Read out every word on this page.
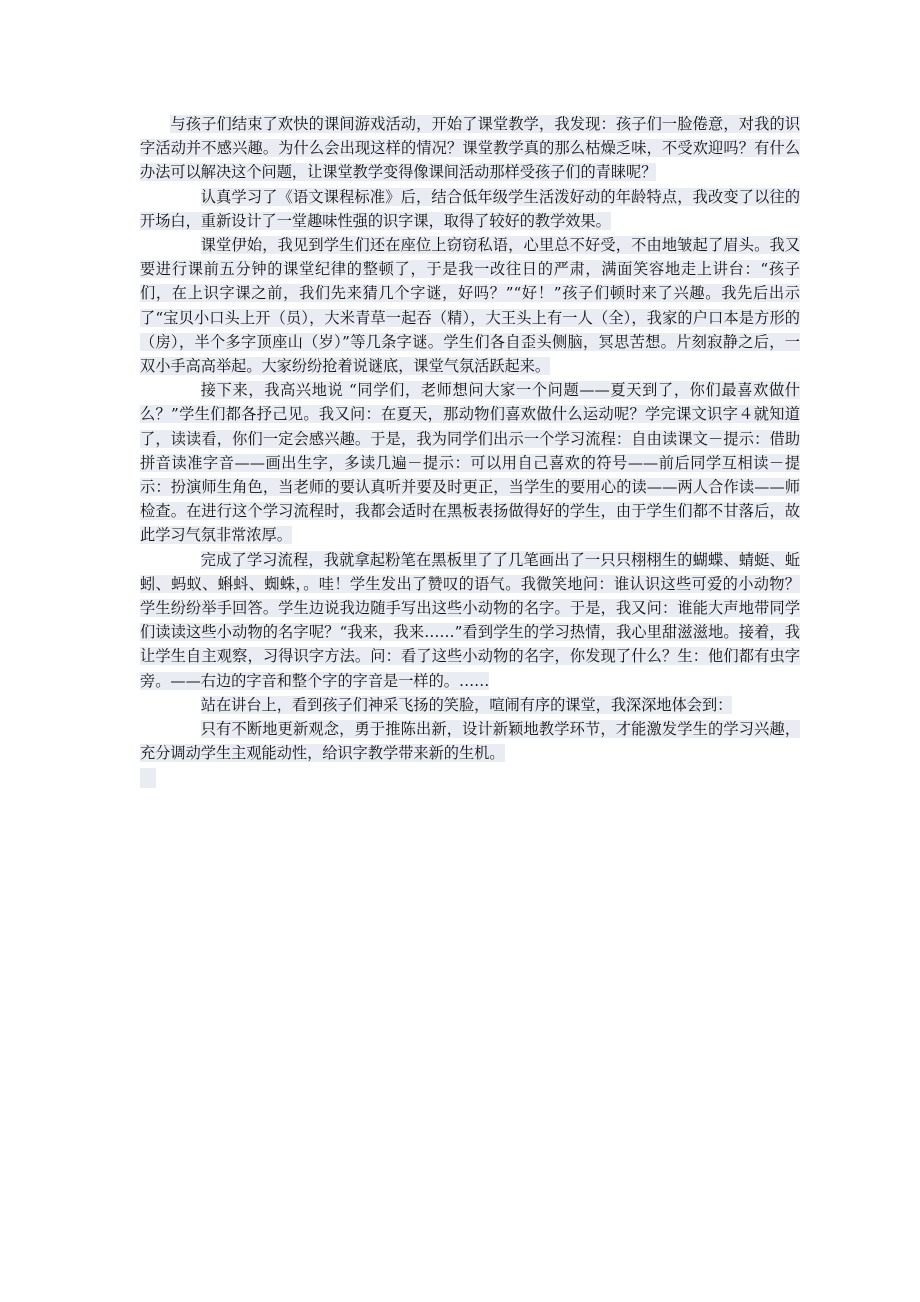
与孩子们结束了欢快的课间游戏活动，开始了课堂教学，我发现：孩子们一脸倦意，对我的识字活动并不感兴趣。为什么会出现这样的情况？课堂教学真的那么枯燥乏味，不受欢迎吗？有什么办法可以解决这个问题，让课堂教学变得像课间活动那样受孩子们的青睐呢？

认真学习了《语文课程标准》后，结合低年级学生活泼好动的年龄特点，我改变了以往的开场白，重新设计了一堂趣味性强的识字课，取得了较好的教学效果。

课堂伊始，我见到学生们还在座位上窃窃私语，心里总不好受，不由地皱起了眉头。我又要进行课前五分钟的课堂纪律的整顿了，于是我一改往日的严肃，满面笑容地走上讲台：“孩子们，在上识字课之前，我们先来猜几个字谜，好吗？”“好！”孩子们顿时来了兴趣。我先后出示了“宝贝小口头上开（员），大米青草一起吞（精），大王头上有一人（全），我家的户口本是方形的（房），半个多字顶座山（岁）”等几条字谜。学生们各自歪头侧脑，冥思苦想。片刻寂静之后，一双小手高高举起。大家纷纷抢着说谜底，课堂气氛活跃起来。

接下来，我高兴地说 “同学们，老师想问大家一个问题——夏天到了，你们最喜欢做什么？”学生们都各抒己见。我又问：在夏天，那动物们喜欢做什么运动呢？学完课文识字４就知道了，读读看，你们一定会感兴趣。于是，我为同学们出示一个学习流程：自由读课文－提示：借助拼音读准字音——画出生字，多读几遍－提示：可以用自己喜欢的符号——前后同学互相读－提示：扮演师生角色，当老师的要认真听并要及时更正，当学生的要用心的读——两人合作读——师检查。在进行这个学习流程时，我都会适时在黑板表扬做得好的学生，由于学生们都不甘落后，故此学习气氛非常浓厚。

完成了学习流程，我就拿起粉笔在黑板里了了几笔画出了一只只栩栩生的蝴蝶、蜻蜓、蚯蚓、蚂蚁、蝌蚪、蜘蛛，。哇！学生发出了赞叹的语气。我微笑地问：谁认识这些可爱的小动物？学生纷纷举手回答。学生边说我边随手写出这些小动物的名字。于是，我又问：谁能大声地带同学们读读这些小动物的名字呢？“我来，我来……”看到学生的学习热情，我心里甜滋滋地。接着，我让学生自主观察，习得识字方法。问：看了这些小动物的名字，你发现了什么？生：他们都有虫字旁。——右边的字音和整个字的字音是一样的。……

站在讲台上，看到孩子们神采飞扬的笑脸，喧闹有序的课堂，我深深地体会到：

只有不断地更新观念，勇于推陈出新，设计新颖地教学环节，才能激发学生的学习兴趣，充分调动学生主观能动性，给识字教学带来新的生机。
